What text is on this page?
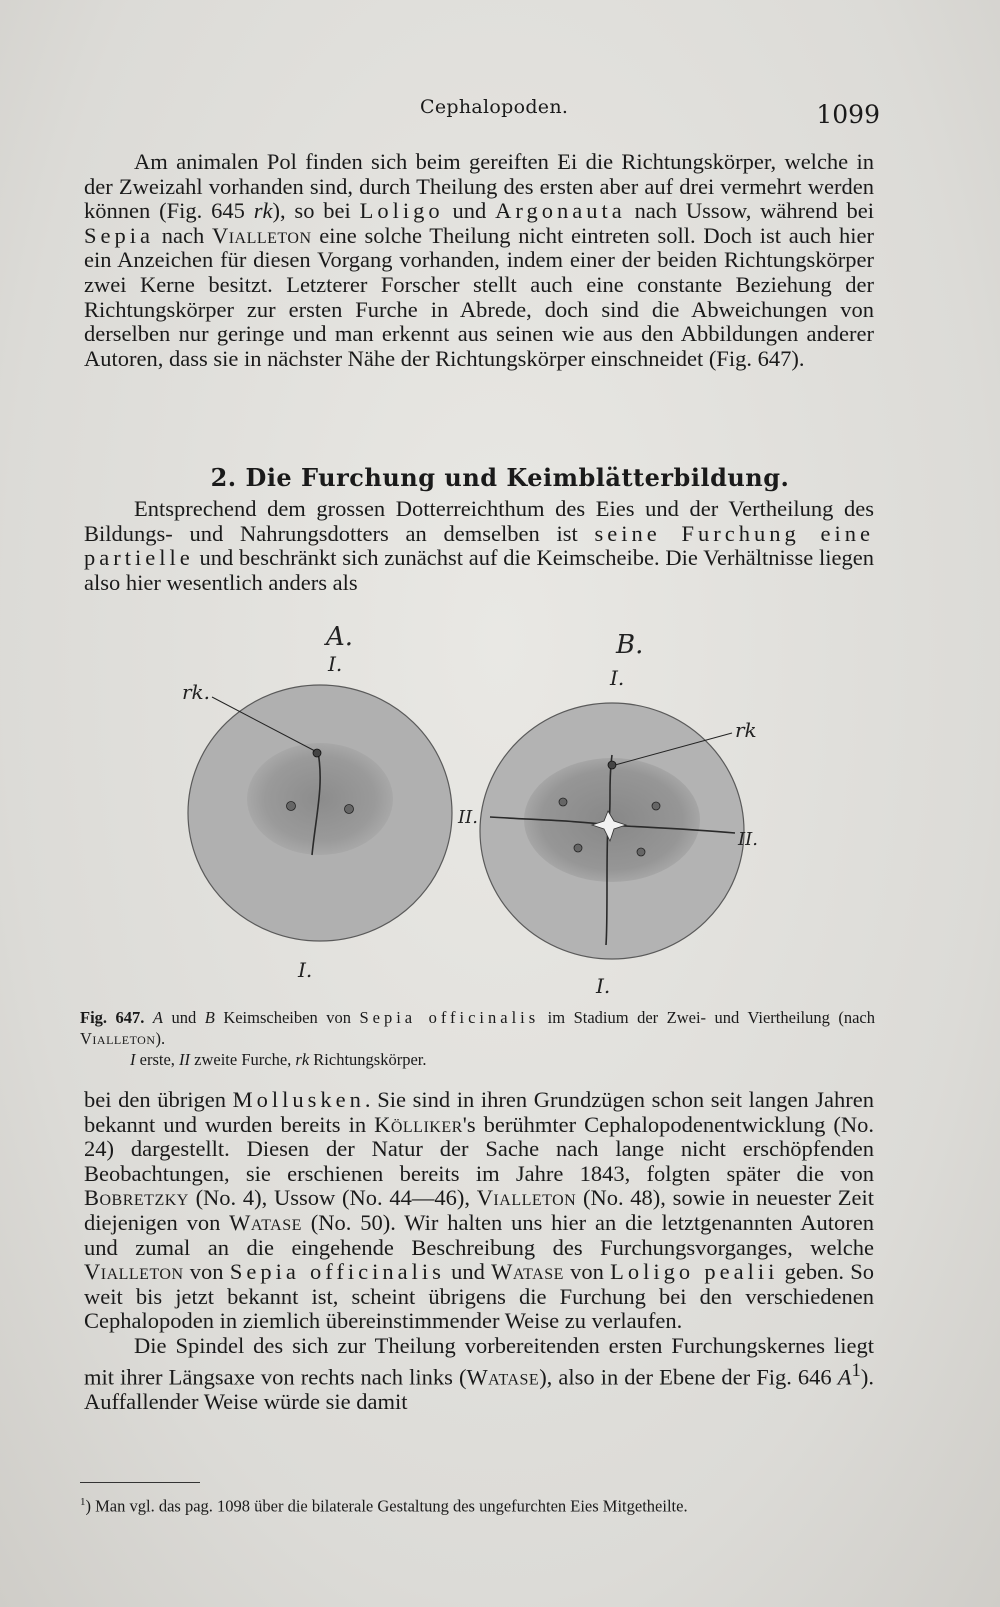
Cephalopoden.	1099

Am animalen Pol finden sich beim gereiften Ei die Richtungskörper, welche in der Zweizahl vorhanden sind, durch Theilung des ersten aber auf drei vermehrt werden können (Fig. 645 rk), so bei Loligo und Argonauta nach Ussow, während bei Sepia nach Vialleton eine solche Theilung nicht eintreten soll. Doch ist auch hier ein Anzeichen für diesen Vorgang vorhanden, indem einer der beiden Richtungskörper zwei Kerne besitzt. Letzterer Forscher stellt auch eine constante Beziehung der Richtungskörper zur ersten Furche in Abrede, doch sind die Abweichungen von derselben nur geringe und man erkennt aus seinen wie aus den Abbildungen anderer Autoren, dass sie in nächster Nähe der Richtungskörper einschneidet (Fig. 647).

2. Die Furchung und Keimblätterbildung.

Entsprechend dem grossen Dotterreichthum des Eies und der Vertheilung des Bildungs- und Nahrungsdotters an demselben ist seine Furchung eine partielle und beschränkt sich zunächst auf die Keimscheibe. Die Verhältnisse liegen also hier wesentlich anders als

A.
I.
rk.
I.
B.
I.
rk
II.
II.
I.

Fig. 647. A und B Keimscheiben von Sepia officinalis im Stadium der Zwei- und Viertheilung (nach Vialleton).

I erste, II zweite Furche, rk Richtungskörper.

bei den übrigen Mollusken. Sie sind in ihren Grundzügen schon seit langen Jahren bekannt und wurden bereits in Kölliker's berühmter Cephalopodenentwicklung (No. 24) dargestellt. Diesen der Natur der Sache nach lange nicht erschöpfenden Beobachtungen, sie erschienen bereits im Jahre 1843, folgten später die von Bobretzky (No. 4), Ussow (No. 44—46), Vialleton (No. 48), sowie in neuester Zeit diejenigen von Watase (No. 50). Wir halten uns hier an die letztgenannten Autoren und zumal an die eingehende Beschreibung des Furchungsvorganges, welche Vialleton von Sepia officinalis und Watase von Loligo pealii geben. So weit bis jetzt bekannt ist, scheint übrigens die Furchung bei den verschiedenen Cephalopoden in ziemlich übereinstimmender Weise zu verlaufen.

Die Spindel des sich zur Theilung vorbereitenden ersten Furchungskernes liegt mit ihrer Längsaxe von rechts nach links (Watase), also in der Ebene der Fig. 646 $A^1$). Auffallender Weise würde sie damit

$^1$) Man vgl. das pag. 1098 über die bilaterale Gestaltung des ungefurchten Eies Mitgetheilte.
